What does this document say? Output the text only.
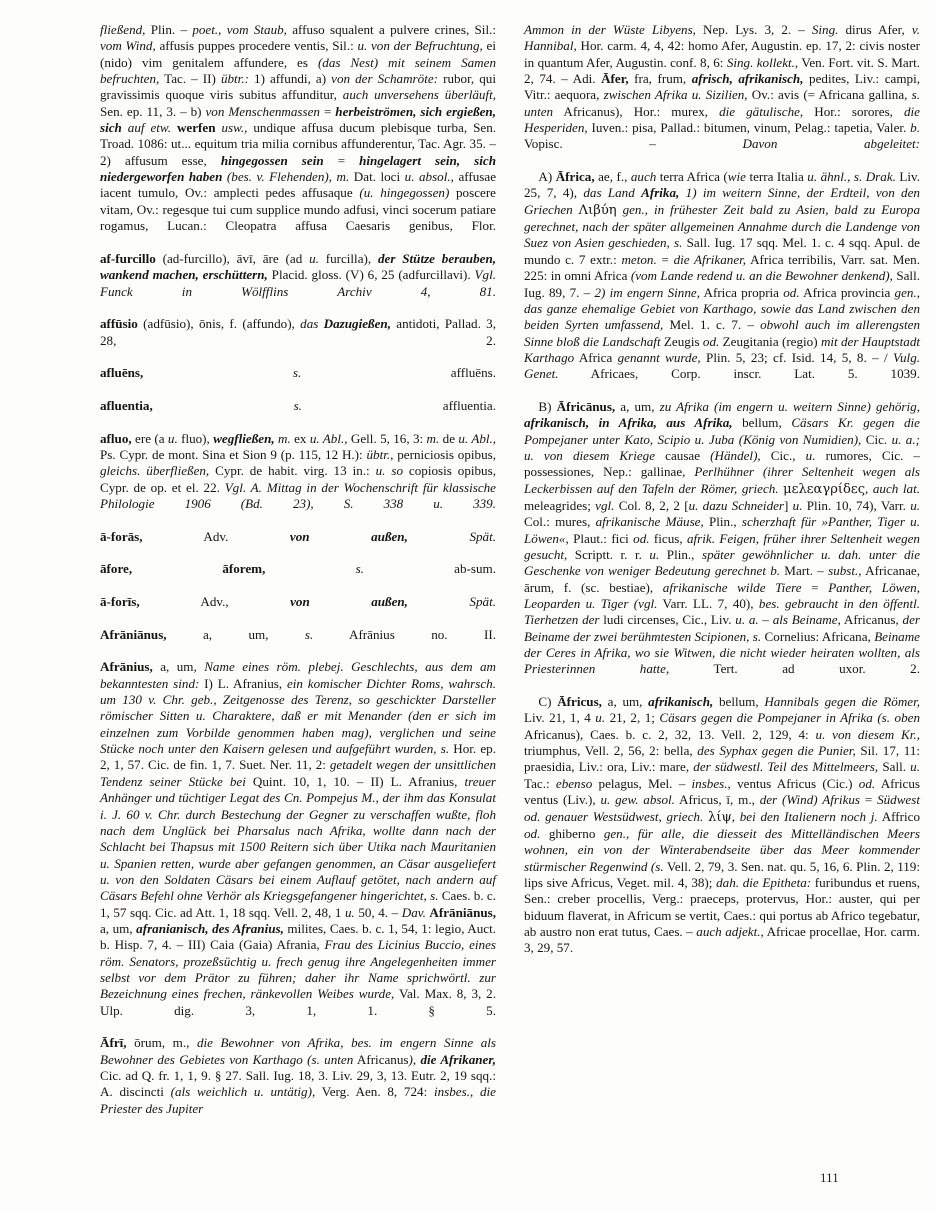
fließend, Plin. – poet., vom Staub, affuso squalent a pulvere crines, Sil.: vom Wind, affusis puppes procedere ventis, Sil.: u. von der Befruchtung, ei (nido) vim genitalem affundere, es (das Nest) mit seinem Samen befruchten, Tac. – II) übtr.: 1) affundi, a) von der Schamröte: rubor, qui gravissimis quoque viris subitus affunditur, auch unversehens überläuft, Sen. ep. 11, 3. – b) von Menschenmassen = herbeiströmen, sich ergießen, sich auf etw. werfen usw., undique affusa ducum plebisque turba, Sen. Troad. 1086: ut... equitum tria milia cornibus affunderentur, Tac. Agr. 35. – 2) affusum esse, hingegossen sein = hingelagert sein, sich niedergeworfen haben (bes. v. Flehenden), m. Dat. loci u. absol., affusae iacent tumulo, Ov.: amplecti pedes affusaque (u. hingegossen) poscere vitam, Ov.: regesque tui cum supplice mundo adfusi, vinci socerum patiare rogamus, Lucan.: Cleopatra affusa Caesaris genibus, Flor.

af-furcillo (ad-furcillo), āvī, āre (ad u. furcilla), der Stütze berauben, wankend machen, erschüttern, Placid. gloss. (V) 6, 25 (adfurcillavi). Vgl. Funck in Wölfflins Archiv 4, 81.

affūsio (adfūsio), ōnis, f. (affundo), das Dazugießen, antidoti, Pallad. 3, 28, 2.

afluēns,	s. affluēns.

afluentia,	s. affluentia.

afluo, ere (a u. fluo), wegfließen, m. ex u. Abl., Gell. 5, 16, 3: m. de u. Abl., Ps. Cypr. de mont. Sina et Sion 9 (p. 115, 12 H.): übtr., perniciosis opibus, gleichs. überfließen, Cypr. de habit. virg. 13 in.: u. so copiosis opibus, Cypr. de op. et el. 22. Vgl. A. Mittag in der Wochenschrift für klassische Philologie 1906 (Bd. 23), S. 338 u. 339.

ā-forās, Adv. von außen,	Spät.

āfore, āforem,	s. ab-sum.

ā-forīs, Adv., von außen,	Spät.

Afrāniānus, a, um, s. Afrānius no. II.

Afrānius, a, um, Name eines röm. plebej. Geschlechts, aus dem am bekanntesten sind: I) L. Afranius, ein komischer Dichter Roms, wahrsch. um 130 v. Chr. geb., Zeitgenosse des Terenz, so geschickter Darsteller römischer Sitten u. Charaktere, daß er mit Menander (den er sich im einzelnen zum Vorbilde genommen haben mag), verglichen und seine Stücke noch unter den Kaisern gelesen und aufgeführt wurden, s. Hor. ep. 2, 1, 57. Cic. de fin. 1, 7. Suet. Ner. 11, 2: getadelt wegen der unsittlichen Tendenz seiner Stücke bei Quint. 10, 1, 10. – II) L. Afranius, treuer Anhänger und tüchtiger Legat des Cn. Pompejus M., der ihm das Konsulat i. J. 60 v. Chr. durch Bestechung der Gegner zu verschaffen wußte, floh nach dem Unglück bei Pharsalus nach Afrika, wollte dann nach der Schlacht bei Thapsus mit 1500 Reitern sich über Utika nach Mauritanien u. Spanien retten, wurde aber gefangen genommen, an Cäsar ausgeliefert u. von den Soldaten Cäsars bei einem Auflauf getötet, nach andern auf Cäsars Befehl ohne Verhör als Kriegsgefangener hingerichtet, s. Caes. b. c. 1, 57 sqq. Cic. ad Att. 1, 18 sqq. Vell. 2, 48, 1 u. 50, 4. – Dav. Afrāniānus, a, um, afranianisch, des Afranius, milites, Caes. b. c. 1, 54, 1: legio, Auct. b. Hisp. 7, 4. – III) Caia (Gaia) Afrania, Frau des Licinius Buccio, eines röm. Senators, prozeßsüchtig u. frech genug ihre Angelegenheiten immer selbst vor dem Prätor zu führen; daher ihr Name sprichwörtl. zur Bezeichnung eines frechen, ränkevollen Weibes wurde, Val. Max. 8, 3, 2. Ulp. dig. 3, 1, 1. § 5.

Āfrī, ōrum, m., die Bewohner von Afrika, bes. im engern Sinne als Bewohner des Gebietes von Karthago (s. unten Africanus), die Afrikaner, Cic. ad Q. fr. 1, 1, 9. § 27. Sall. Iug. 18, 3. Liv. 29, 3, 13. Eutr. 2, 19 sqq.: A. discincti (als weichlich u. untätig), Verg. Aen. 8, 724: insbes., die Priester des Jupiter

Ammon in der Wüste Libyens, Nep. Lys. 3, 2. – Sing. dirus Afer, v. Hannibal, Hor. carm. 4, 4, 42: homo Afer, Augustin. ep. 17, 2: civis noster in quantum Afer, Augustin. conf. 8, 6: Sing. kollekt., Ven. Fort. vit. S. Mart. 2, 74. – Adi. Āfer, fra, frum, afrisch, afrikanisch, pedites, Liv.: campi, Vitr.: aequora, zwischen Afrika u. Sizilien, Ov.: avis (= Africana gallina, s. unten Africanus), Hor.: murex, die gätulische, Hor.: sorores, die Hesperiden, Iuven.: pisa, Pallad.: bitumen, vinum, Pelag.: tapetia, Valer. b. Vopisc. – Davon abgeleitet:

A) Āfrica, ae, f., auch terra Africa (wie terra Italia u. ähnl., s. Drak. Liv. 25, 7, 4), das Land Afrika, 1) im weitern Sinne, der Erdteil, von den Griechen Λιβύη gen., in frühester Zeit bald zu Asien, bald zu Europa gerechnet, nach der später allgemeinen Annahme durch die Landenge von Suez von Asien geschieden, s. Sall. Iug. 17 sqq. Mel. 1. c. 4 sqq. Apul. de mundo c. 7 extr.: meton. = die Afrikaner, Africa terribilis, Varr. sat. Men. 225: in omni Africa (vom Lande redend u. an die Bewohner denkend), Sall. Iug. 89, 7. – 2) im engern Sinne, Africa propria od. Africa provincia gen., das ganze ehemalige Gebiet von Karthago, sowie das Land zwischen den beiden Syrten umfassend, Mel. 1. c. 7. – obwohl auch im allerengsten Sinne bloß die Landschaft Zeugis od. Zeugitania (regio) mit der Hauptstadt Karthago Africa genannt wurde, Plin. 5, 23; cf. Isid. 14, 5, 8. – / Vulg. Genet. Africaes, Corp. inscr. Lat. 5. 1039.

B) Āfricānus, a, um, zu Afrika (im engern u. weitern Sinne) gehörig, afrikanisch, in Afrika, aus Afrika, bellum, Cäsars Kr. gegen die Pompejaner unter Kato, Scipio u. Juba (König von Numidien), Cic. u. a.; u. von diesem Kriege causae (Händel), Cic., u. rumores, Cic. – possessiones, Nep.: gallinae, Perlhühner (ihrer Seltenheit wegen als Leckerbissen auf den Tafeln der Römer, griech. μελεαγρίδες, auch lat. meleagrides; vgl. Col. 8, 2, 2 [u. dazu Schneider] u. Plin. 10, 74), Varr. u. Col.: mures, afrikanische Mäuse, Plin., scherzhaft für »Panther, Tiger u. Löwen«, Plaut.: fici od. ficus, afrik. Feigen, früher ihrer Seltenheit wegen gesucht, Scriptt. r. r. u. Plin., später gewöhnlicher u. dah. unter die Geschenke von weniger Bedeutung gerechnet b. Mart. – subst., Africanae, ārum, f. (sc. bestiae), afrikanische wilde Tiere = Panther, Löwen, Leoparden u. Tiger (vgl. Varr. LL. 7, 40), bes. gebraucht in den öffentl. Tierhetzen der ludi circenses, Cic., Liv. u. a. – als Beiname, Africanus, der Beiname der zwei berühmtesten Scipionen, s. Cornelius: Africana, Beiname der Ceres in Afrika, wo sie Witwen, die nicht wieder heiraten wollten, als Priesterinnen hatte, Tert. ad uxor. 2.

C) Āfricus, a, um, afrikanisch, bellum, Hannibals gegen die Römer, Liv. 21, 1, 4 u. 21, 2, 1; Cäsars gegen die Pompejaner in Afrika (s. oben Africanus), Caes. b. c. 2, 32, 13. Vell. 2, 129, 4: u. von diesem Kr., triumphus, Vell. 2, 56, 2: bella, des Syphax gegen die Punier, Sil. 17, 11: praesidia, Liv.: ora, Liv.: mare, der südwestl. Teil des Mittelmeers, Sall. u. Tac.: ebenso pelagus, Mel. – insbes., ventus Africus (Cic.) od. Africus ventus (Liv.), u. gew. absol. Africus, ī, m., der (Wind) Afrikus = Südwest od. genauer Westsüdwest, griech. λίψ, bei den Italienern noch j. Affrico od. ghiberno gen., für alle, die diesseit des Mittelländischen Meers wohnen, ein von der Winterabendseite über das Meer kommender stürmischer Regenwind (s. Vell. 2, 79, 3. Sen. nat. qu. 5, 16, 6. Plin. 2, 119: lips sive Africus, Veget. mil. 4, 38); dah. die Epitheta: furibundus et ruens, Sen.: creber procellis, Verg.: praeceps, protervus, Hor.: auster, qui per biduum flaverat, in Africum se vertit, Caes.: qui portus ab Africo tegebatur, ab austro non erat tutus, Caes. – auch adjekt., Africae procellae, Hor. carm. 3, 29, 57.

111
